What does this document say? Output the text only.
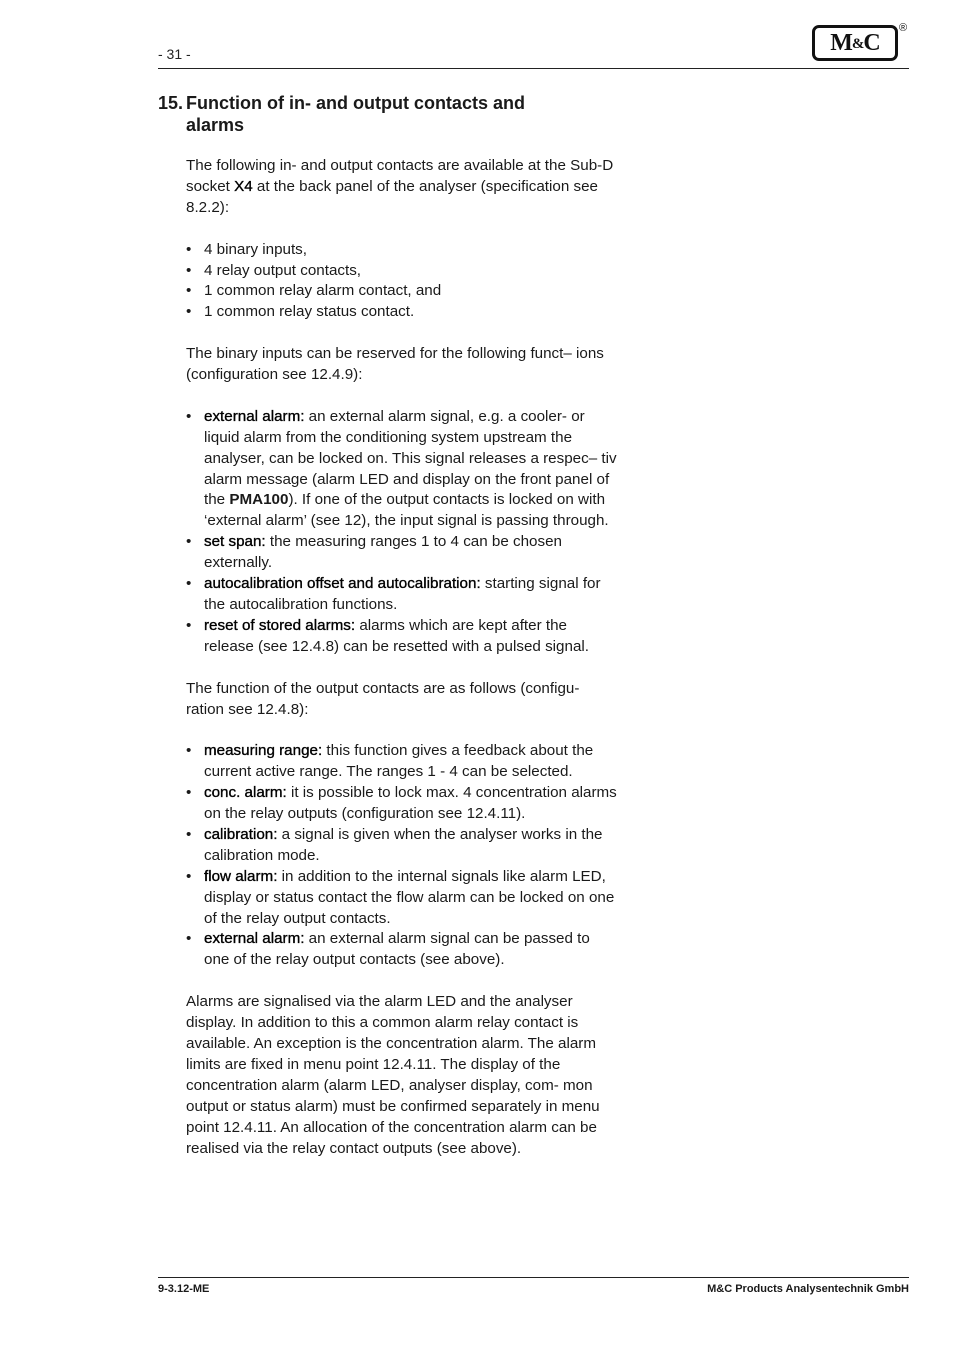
- 31 -	M&C
®
15. Function of in- and output contacts and alarms

The following in- and output contacts are available at the Sub-D socket X4 at the back panel of the analyser (specification see 8.2.2):

• 4 binary inputs,
• 4 relay output contacts,
• 1 common relay alarm contact, and
• 1 common relay status contact.

The binary inputs can be reserved for the following funct– ions (configuration see 12.4.9):

• external alarm: an external alarm signal, e.g. a cooler- or liquid alarm from the conditioning system upstream the analyser, can be locked on. This signal releases a respec– tiv alarm message (alarm LED and display on the front panel of the PMA100). If one of the output contacts is locked on with ‘external alarm’ (see 12), the input signal is passing through.
• set span: the measuring ranges 1 to 4 can be chosen externally.
• autocalibration offset and autocalibration: starting signal for the autocalibration functions.
• reset of stored alarms: alarms which are kept after the release (see 12.4.8) can be resetted with a pulsed signal.

The function of the output contacts are as follows (configu- ration see 12.4.8):

• measuring range: this function gives a feedback about the current active range. The ranges 1 - 4 can be selected.
• conc. alarm: it is possible to lock max. 4 concentration alarms on the relay outputs (configuration see 12.4.11).
• calibration: a signal is given when the analyser works in the calibration mode.
• flow alarm: in addition to the internal signals like alarm LED, display or status contact the flow alarm can be locked on one of the relay output contacts.
• external alarm: an external alarm signal can be passed to one of the relay output contacts (see above).

Alarms are signalised via the alarm LED and the analyser display. In addition to this a common alarm relay contact is available. An exception is the concentration alarm. The alarm limits are fixed in menu point 12.4.11. The display of the concentration alarm (alarm LED, analyser display, com- mon output or status alarm) must be confirmed separately in menu point 12.4.11. An allocation of the concentration alarm can be realised via the relay contact outputs (see above).

9-3.12-ME	M&C Products Analysentechnik GmbH
